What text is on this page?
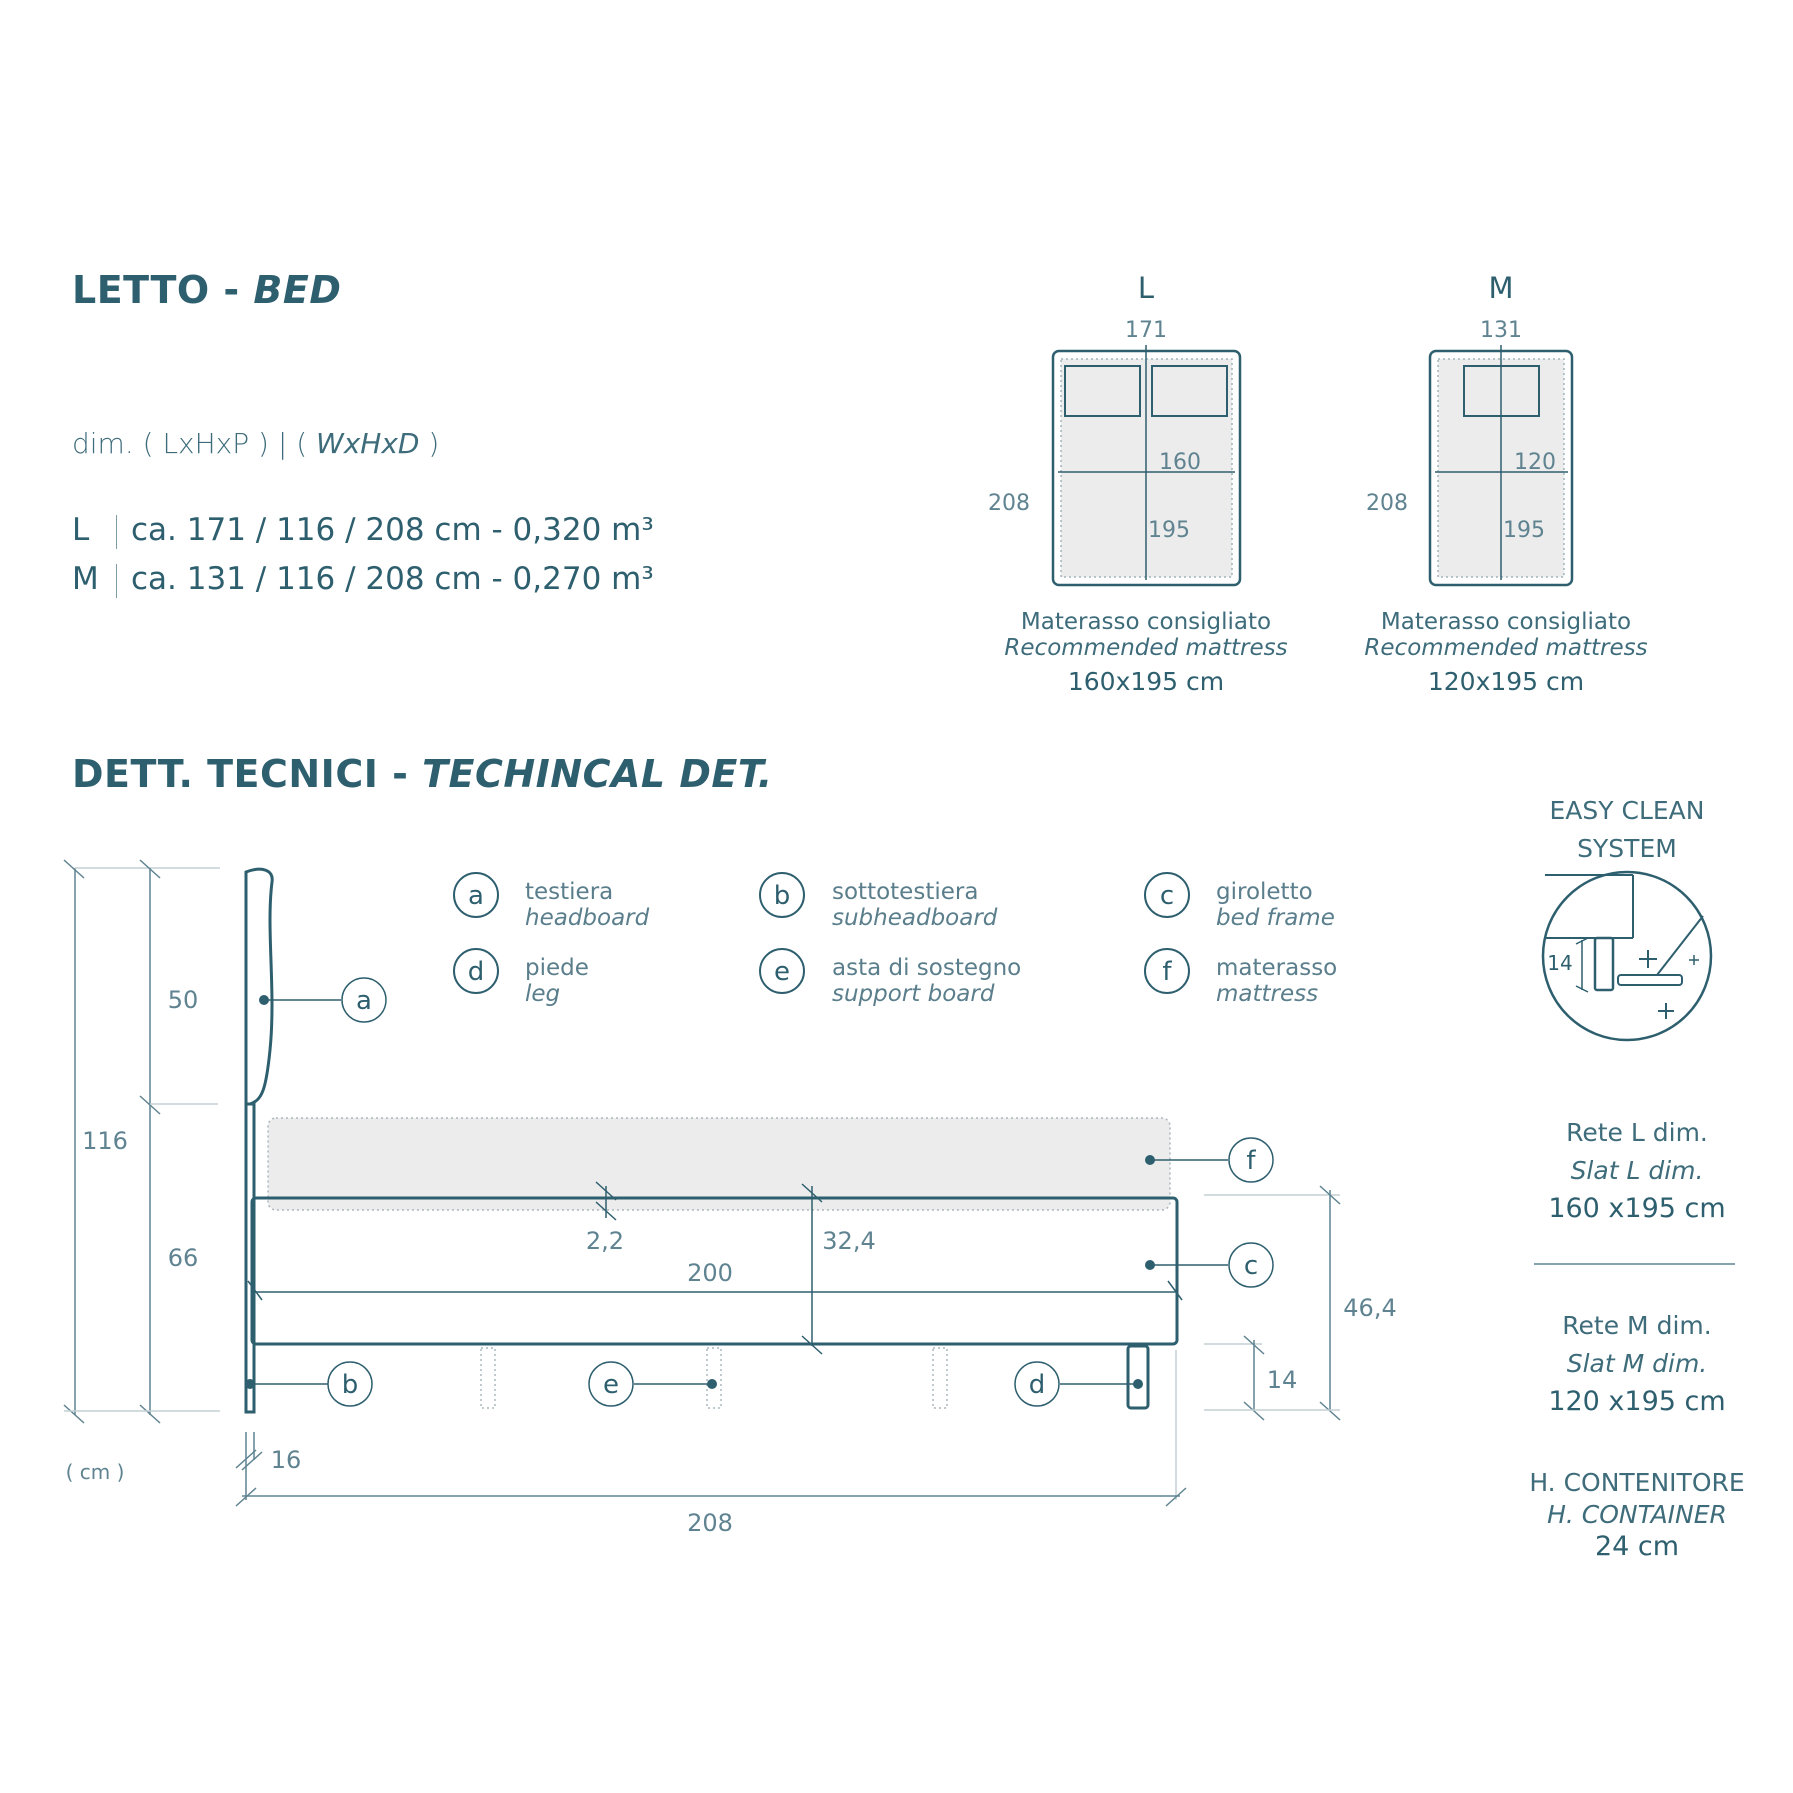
LETTO - BED
dim. ( LxHxP ) | ( WxHxD )
L ca. 171 / 116 / 208 cm - 0,320 m³
M ca. 131 / 116 / 208 cm - 0,270 m³
L	M
171	131
208	208
160	120
195	195
Materasso consigliato
Recommended mattress
160x195 cm
Materasso consigliato
Recommended mattress
120x195 cm
DETT. TECNICI - TECHINCAL DET.
testiera
headboard
sottotestiera
subheadboard
giroletto
bed frame
piede
leg
asta di sostegno
support board
materasso
mattress
a	b	c
d	e	f
116
50
66
( cm )
2,2	32,4
200
a
b	e	d
c
f
46,4
14
16
208
14
EASY CLEAN
SYSTEM
Rete L dim.
Slat L dim.
160 x195 cm
Rete M dim.
Slat M dim.
120 x195 cm
H. CONTENITORE
H. CONTAINER
24 cm
